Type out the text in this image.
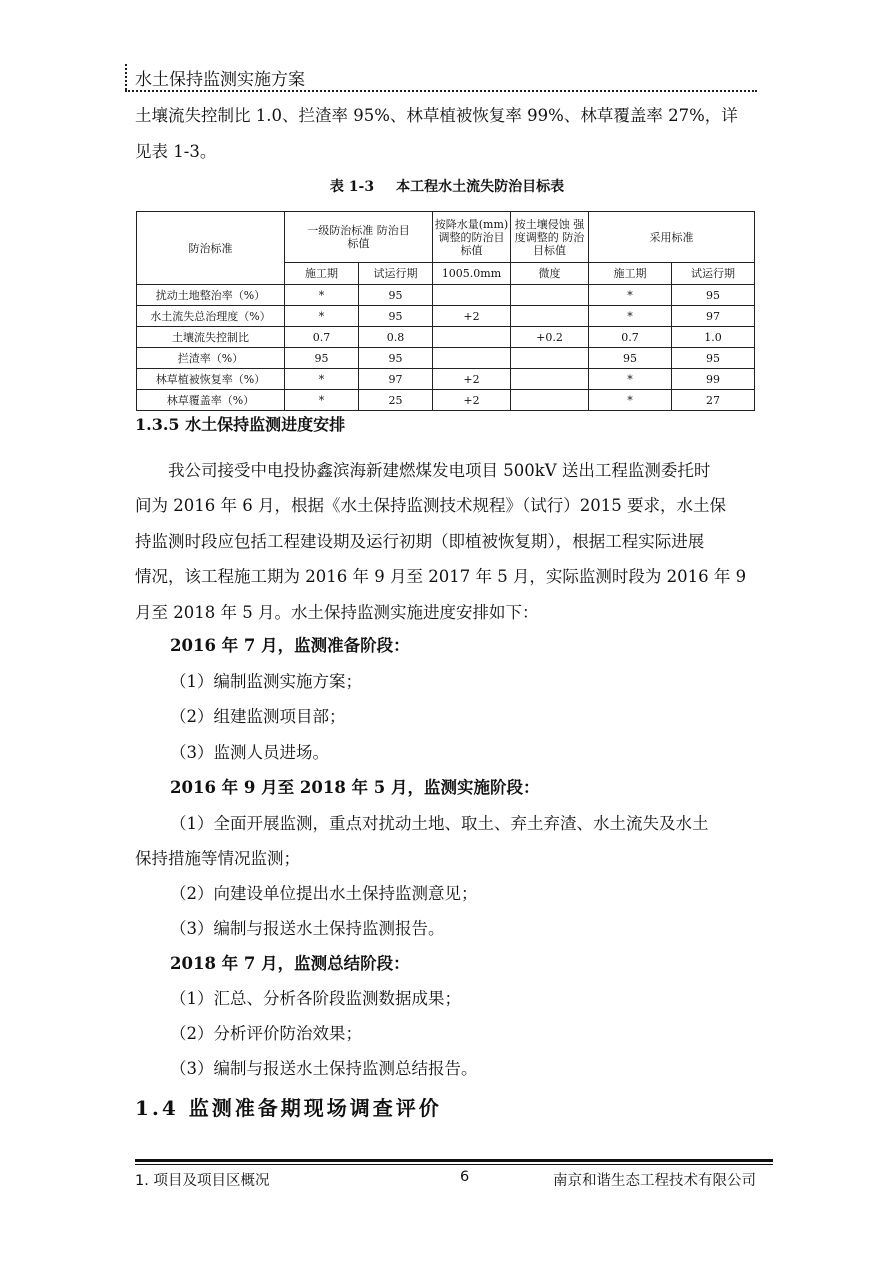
水土保持监测实施方案
土壤流失控制比 1.0、拦渣率 95%、林草植被恢复率 99%、林草覆盖率 27%，详
见表 1-3。
表 1-3 本工程水土流失防治目标表
防治标准	一级防治标准 防治目标值		按降水量(mm) 调整的防治目 标值	按土壤侵蚀 强度调整的 防治目标值	采用标准	
	施工期	试运行期	1005.0mm	微度	施工期	试运行期
扰动土地整治率（%）	*	95			*	95
水土流失总治理度（%）	*	95	+2		*	97
土壤流失控制比	0.7	0.8		+0.2	0.7	1.0
拦渣率（%）	95	95			95	95
林草植被恢复率（%）	*	97	+2		*	99
林草覆盖率（%）	*	25	+2		*	27
1.3.5 水土保持监测进度安排
我公司接受中电投协鑫滨海新建燃煤发电项目 500kV 送出工程监测委托时
间为 2016 年 6 月，根据《水土保持监测技术规程》（试行）2015 要求，水土保
持监测时段应包括工程建设期及运行初期（即植被恢复期），根据工程实际进展
情况，该工程施工期为 2016 年 9 月至 2017 年 5 月，实际监测时段为 2016 年 9
月至 2018 年 5 月。水土保持监测实施进度安排如下：
2016 年 7 月，监测准备阶段：
（1）编制监测实施方案；
（2）组建监测项目部；
（3）监测人员进场。
2016 年 9 月至 2018 年 5 月，监测实施阶段：
（1）全面开展监测，重点对扰动土地、取土、弃土弃渣、水土流失及水土
保持措施等情况监测；
（2）向建设单位提出水土保持监测意见；
（3）编制与报送水土保持监测报告。
2018 年 7 月，监测总结阶段：
（1）汇总、分析各阶段监测数据成果；
（2）分析评价防治效果；
（3）编制与报送水土保持监测总结报告。
1.4 监测准备期现场调查评价
1. 项目及项目区概况	6	南京和谐生态工程技术有限公司
